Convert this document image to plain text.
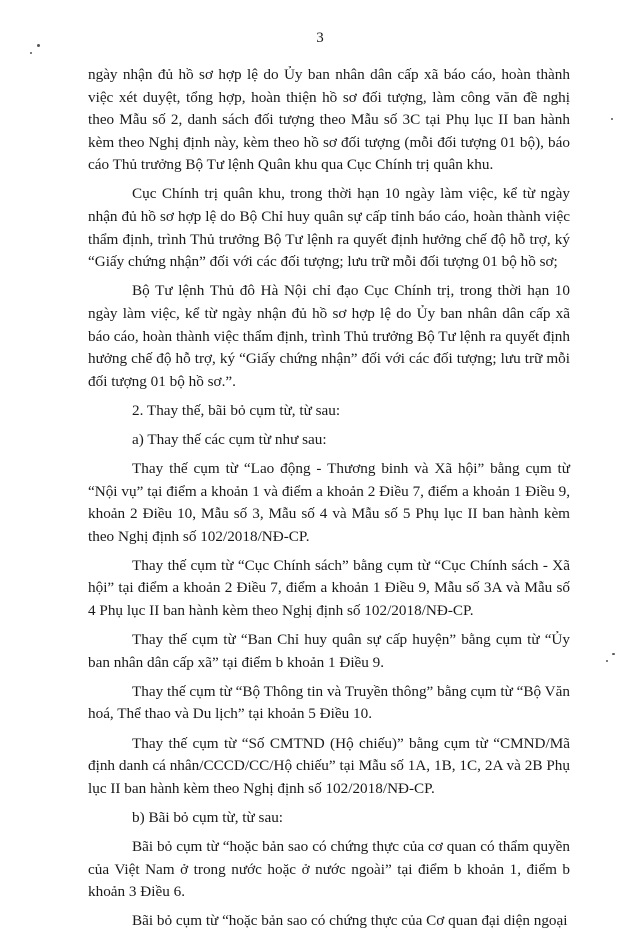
3

ngày nhận đủ hồ sơ hợp lệ do Ủy ban nhân dân cấp xã báo cáo, hoàn thành việc xét duyệt, tổng hợp, hoàn thiện hồ sơ đối tượng, làm công văn đề nghị theo Mẫu số 2, danh sách đối tượng theo Mẫu số 3C tại Phụ lục II ban hành kèm theo Nghị định này, kèm theo hồ sơ đối tượng (mỗi đối tượng 01 bộ), báo cáo Thủ trưởng Bộ Tư lệnh Quân khu qua Cục Chính trị quân khu.

Cục Chính trị quân khu, trong thời hạn 10 ngày làm việc, kể từ ngày nhận đủ hồ sơ hợp lệ do Bộ Chỉ huy quân sự cấp tỉnh báo cáo, hoàn thành việc thẩm định, trình Thủ trưởng Bộ Tư lệnh ra quyết định hưởng chế độ hỗ trợ, ký “Giấy chứng nhận” đối với các đối tượng; lưu trữ mỗi đối tượng 01 bộ hồ sơ;

Bộ Tư lệnh Thủ đô Hà Nội chỉ đạo Cục Chính trị, trong thời hạn 10 ngày làm việc, kể từ ngày nhận đủ hồ sơ hợp lệ do Ủy ban nhân dân cấp xã báo cáo, hoàn thành việc thẩm định, trình Thủ trưởng Bộ Tư lệnh ra quyết định hưởng chế độ hỗ trợ, ký “Giấy chứng nhận” đối với các đối tượng; lưu trữ mỗi đối tượng 01 bộ hồ sơ.”.

2. Thay thế, bãi bỏ cụm từ, từ sau:

a) Thay thế các cụm từ như sau:

Thay thế cụm từ “Lao động - Thương binh và Xã hội” bằng cụm từ “Nội vụ” tại điểm a khoản 1 và điểm a khoản 2 Điều 7, điểm a khoản 1 Điều 9, khoản 2 Điều 10, Mẫu số 3, Mẫu số 4 và Mẫu số 5 Phụ lục II ban hành kèm theo Nghị định số 102/2018/NĐ-CP.

Thay thế cụm từ “Cục Chính sách” bằng cụm từ “Cục Chính sách - Xã hội” tại điểm a khoản 2 Điều 7, điểm a khoản 1 Điều 9, Mẫu số 3A và Mẫu số 4 Phụ lục II ban hành kèm theo Nghị định số 102/2018/NĐ-CP.

Thay thế cụm từ “Ban Chỉ huy quân sự cấp huyện” bằng cụm từ “Ủy ban nhân dân cấp xã” tại điểm b khoản 1 Điều 9.

Thay thế cụm từ “Bộ Thông tin và Truyền thông” bằng cụm từ “Bộ Văn hoá, Thể thao và Du lịch” tại khoản 5 Điều 10.

Thay thế cụm từ “Số CMTND (Hộ chiếu)” bằng cụm từ “CMND/Mã định danh cá nhân/CCCD/CC/Hộ chiếu” tại Mẫu số 1A, 1B, 1C, 2A và 2B Phụ lục II ban hành kèm theo Nghị định số 102/2018/NĐ-CP.

b) Bãi bỏ cụm từ, từ sau:

Bãi bỏ cụm từ “hoặc bản sao có chứng thực của cơ quan có thẩm quyền của Việt Nam ở trong nước hoặc ở nước ngoài” tại điểm b khoản 1, điểm b khoản 3 Điều 6.

Bãi bỏ cụm từ “hoặc bản sao có chứng thực của Cơ quan đại diện ngoại
